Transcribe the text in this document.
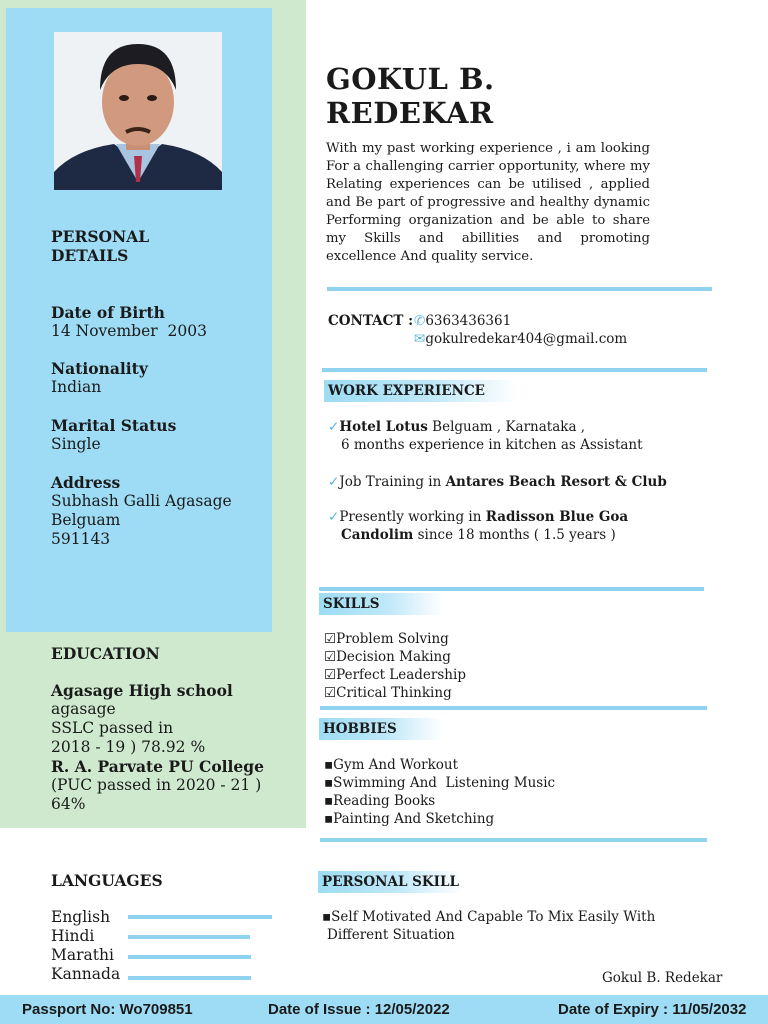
PERSONAL
DETAILS
Date of Birth
14 November  2003
Nationality
Indian
Marital Status
Single
Address
Subhash Galli Agasage
Belguam
591143
EDUCATION
Agasage High school
agasage
SSLC passed in
2018 - 19 ) 78.92 %
R. A. Parvate PU College
(PUC passed in 2020 - 21 )
64%
LANGUAGES
English
Hindi
Marathi
Kannada
GOKUL B.
REDEKAR
With my past working experience , i am looking For a challenging carrier opportunity, where my Relating experiences can be utilised , applied and Be part of progressive and healthy dynamic Performing organization and be able to share my Skills and abillities and promoting excellence And quality service.
CONTACT : ✆6363436361
✉gokulredekar404@gmail.com
WORK EXPERIENCE
✓Hotel Lotus Belguam , Karnataka ,
6 months experience in kitchen as Assistant
✓Job Training in Antares Beach Resort & Club
✓Presently working in Radisson Blue Goa
Candolim since 18 months ( 1.5 years )
SKILLS
☑Problem Solving
☑Decision Making
☑Perfect Leadership
☑Critical Thinking
HOBBIES
▪Gym And Workout
▪Swimming And  Listening Music
▪Reading Books
▪Painting And Sketching
PERSONAL SKILL
▪Self Motivated And Capable To Mix Easily With
Different Situation
Gokul B. Redekar
Passport No: Wo709851	Date of Issue : 12/05/2022	Date of Expiry : 11/05/2032
